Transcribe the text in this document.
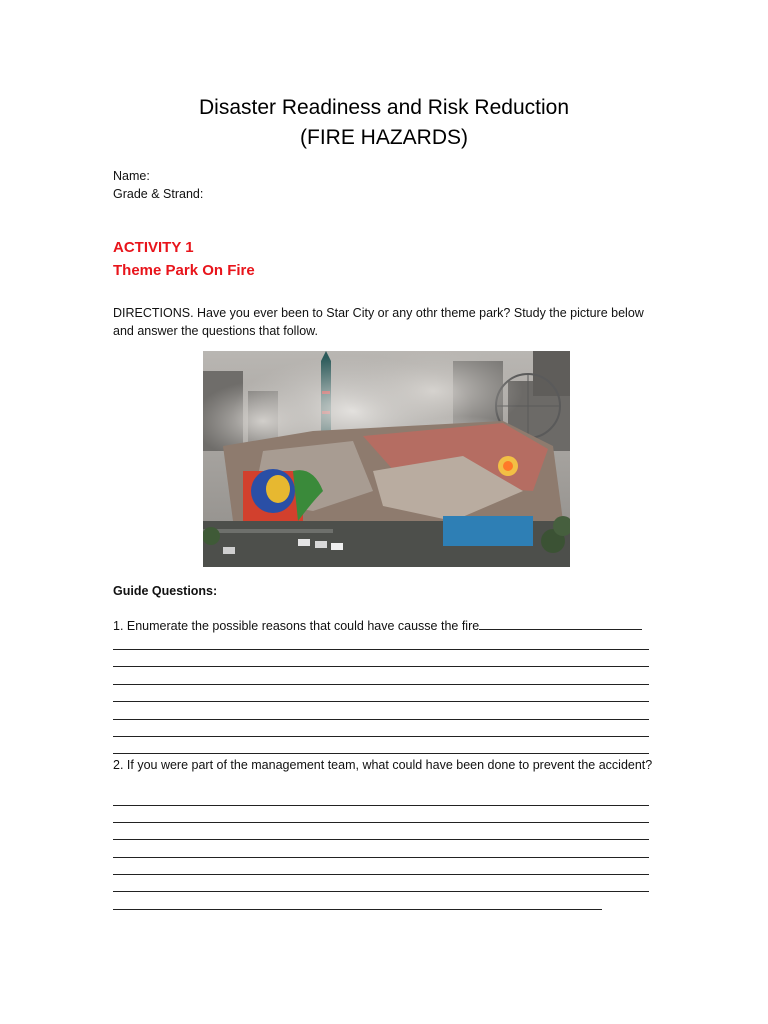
Disaster Readiness and Risk Reduction
(FIRE HAZARDS)
Name:
Grade & Strand:
ACTIVITY 1
Theme Park On Fire
DIRECTIONS. Have you ever been to Star City or any othr theme park? Study the picture below and answer the questions that follow.
Guide Questions:
1. Enumerate the possible reasons that could have causse the fire
2. If you were part of the management team, what could have been done to prevent the accident?
